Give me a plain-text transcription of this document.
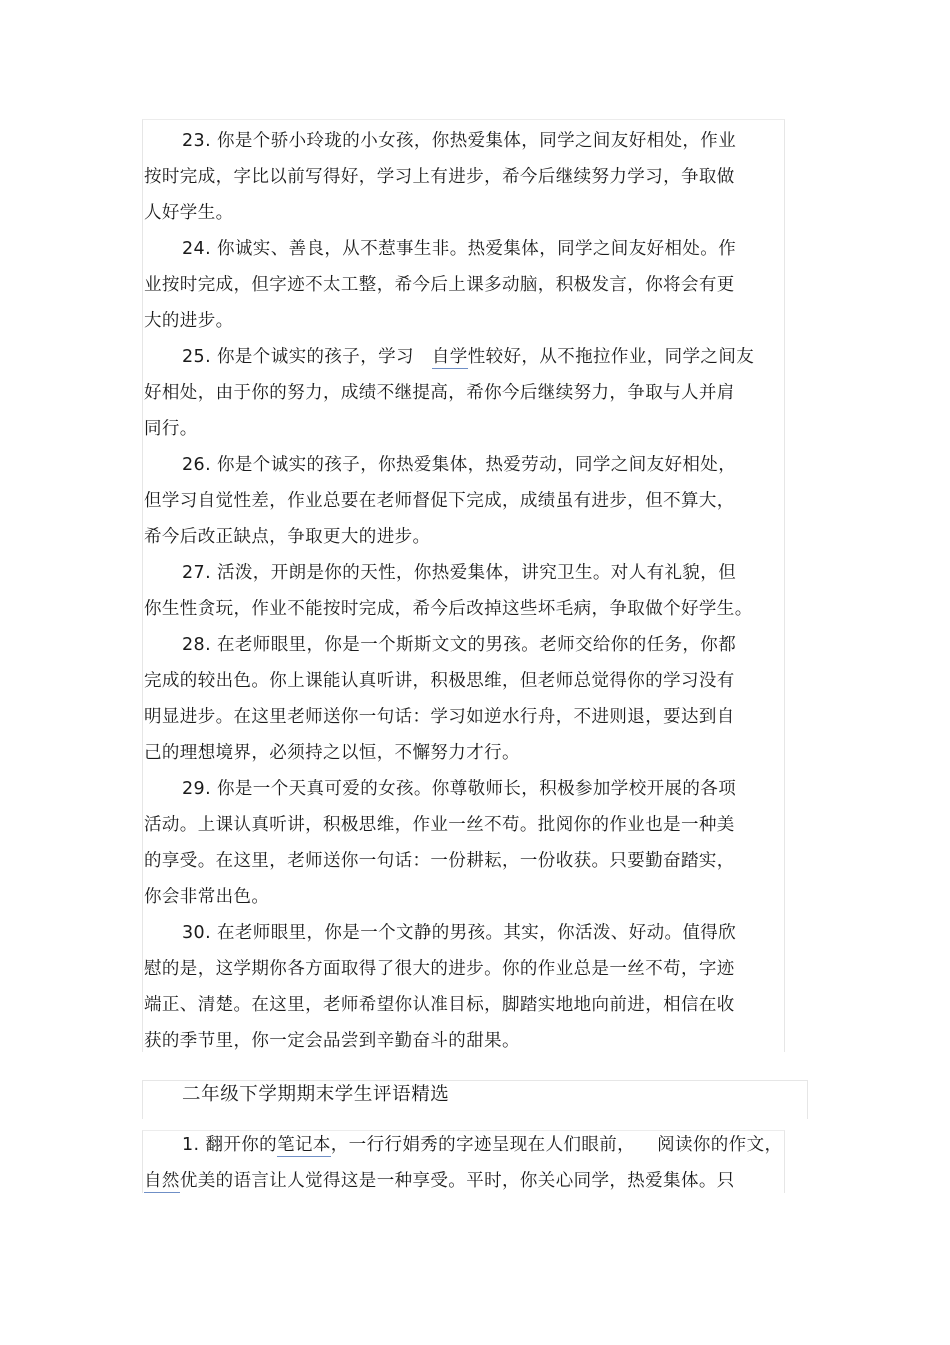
23. 你是个骄小玲珑的小女孩，你热爱集体，同学之间友好相处，作业
按时完成，字比以前写得好，学习上有进步，希今后继续努力学习，争取做
人好学生。
24. 你诚实、善良，从不惹事生非。热爱集体，同学之间友好相处。作
业按时完成，但字迹不太工整，希今后上课多动脑，积极发言，你将会有更
大的进步。
25. 你是个诚实的孩子，学习 自学性较好，从不拖拉作业，同学之间友
好相处，由于你的努力，成绩不继提高，希你今后继续努力，争取与人并肩
同行。
26. 你是个诚实的孩子，你热爱集体，热爱劳动，同学之间友好相处，
但学习自觉性差，作业总要在老师督促下完成，成绩虽有进步，但不算大，
希今后改正缺点，争取更大的进步。
27. 活泼，开朗是你的天性，你热爱集体，讲究卫生。对人有礼貌，但
你生性贪玩，作业不能按时完成，希今后改掉这些坏毛病，争取做个好学生。
28. 在老师眼里，你是一个斯斯文文的男孩。老师交给你的任务，你都
完成的较出色。你上课能认真听讲，积极思维，但老师总觉得你的学习没有
明显进步。在这里老师送你一句话：学习如逆水行舟，不进则退，要达到自
己的理想境界，必须持之以恒，不懈努力才行。
29. 你是一个天真可爱的女孩。你尊敬师长，积极参加学校开展的各项
活动。上课认真听讲，积极思维，作业一丝不苟。批阅你的作业也是一种美
的享受。在这里，老师送你一句话：一份耕耘，一份收获。只要勤奋踏实，
你会非常出色。
30. 在老师眼里，你是一个文静的男孩。其实，你活泼、好动。值得欣
慰的是，这学期你各方面取得了很大的进步。你的作业总是一丝不苟，字迹
端正、清楚。在这里，老师希望你认准目标，脚踏实地地向前进，相信在收
获的季节里，你一定会品尝到辛勤奋斗的甜果。
二年级下学期期末学生评语精选
1. 翻开你的笔记本，一行行娟秀的字迹呈现在人们眼前， 阅读你的作文，
自然优美的语言让人觉得这是一种享受。平时，你关心同学，热爱集体。只
